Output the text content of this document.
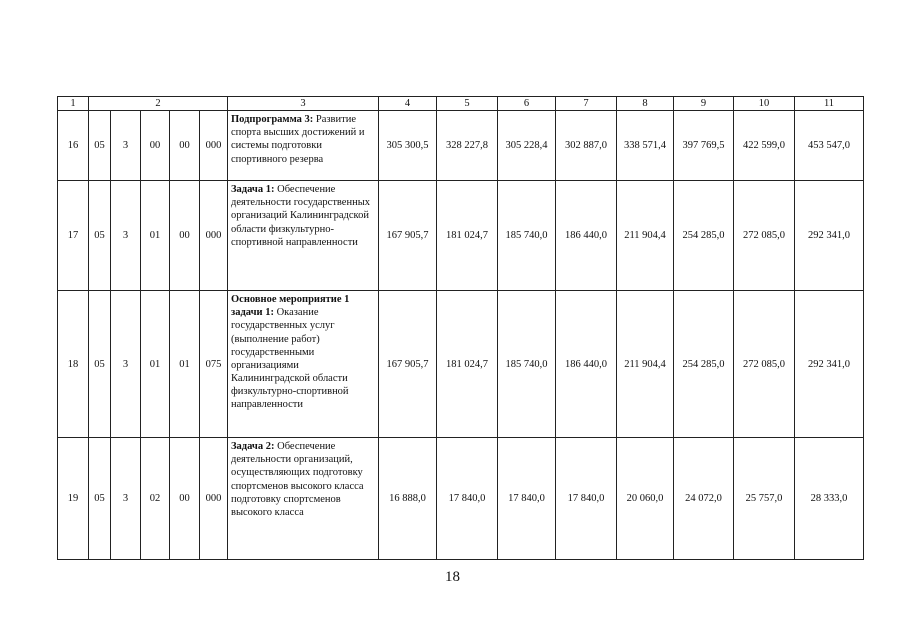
1	2					3	4	5	6	7	8	9	10	11
16	05	3	00	00	000	Подпрограмма 3: Развитие спорта высших достижений и системы подготовки спортивного резерва	305 300,5	328 227,8	305 228,4	302 887,0	338 571,4	397 769,5	422 599,0	453 547,0
17	05	3	01	00	000	Задача 1: Обеспечение деятельности государственных организаций Калининградской области физкультурно-спортивной направленности	167 905,7	181 024,7	185 740,0	186 440,0	211 904,4	254 285,0	272 085,0	292 341,0
18	05	3	01	01	075	Основное мероприятие 1 задачи 1: Оказание государственных услуг (выполнение работ) государственными организациями Калининградской области физкультурно-спортивной направленности	167 905,7	181 024,7	185 740,0	186 440,0	211 904,4	254 285,0	272 085,0	292 341,0
19	05	3	02	00	000	Задача 2: Обеспечение деятельности организаций, осуществляющих подготовку спортсменов высокого класса подготовку спортсменов высокого класса	16 888,0	17 840,0	17 840,0	17 840,0	20 060,0	24 072,0	25 757,0	28 333,0
18
